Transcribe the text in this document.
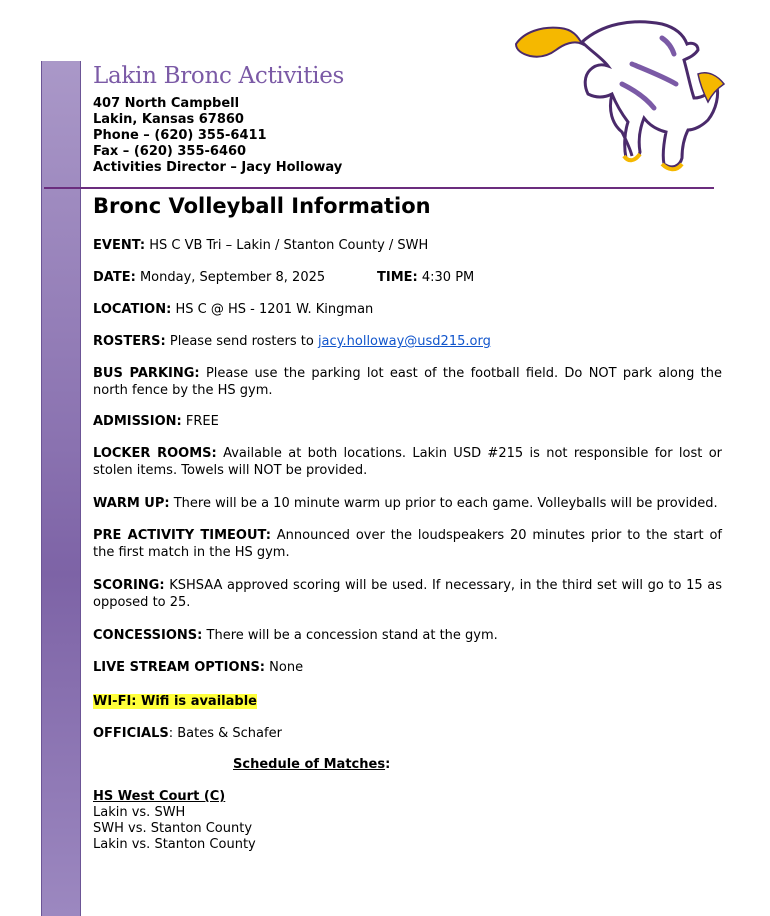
Lakin Bronc Activities
407 North Campbell
Lakin, Kansas 67860
Phone – (620) 355-6411
Fax – (620) 355-6460
Activities Director – Jacy Holloway
Bronc Volleyball Information
EVENT: HS C VB Tri – Lakin / Stanton County / SWH
DATE: Monday, September 8, 2025	TIME: 4:30 PM
LOCATION: HS C @ HS - 1201 W. Kingman
ROSTERS: Please send rosters to jacy.holloway@usd215.org
BUS PARKING: Please use the parking lot east of the football field. Do NOT park along the north fence by the HS gym.
ADMISSION: FREE
LOCKER ROOMS: Available at both locations. Lakin USD #215 is not responsible for lost or stolen items. Towels will NOT be provided.
WARM UP: There will be a 10 minute warm up prior to each game. Volleyballs will be provided.
PRE ACTIVITY TIMEOUT: Announced over the loudspeakers 20 minutes prior to the start of the first match in the HS gym.
SCORING: KSHSAA approved scoring will be used. If necessary, in the third set will go to 15 as opposed to 25.
CONCESSIONS: There will be a concession stand at the gym.
LIVE STREAM OPTIONS: None
WI-FI: Wifi is available
OFFICIALS: Bates & Schafer
Schedule of Matches:
HS West Court (C)
Lakin vs. SWH
SWH vs. Stanton County
Lakin vs. Stanton County
